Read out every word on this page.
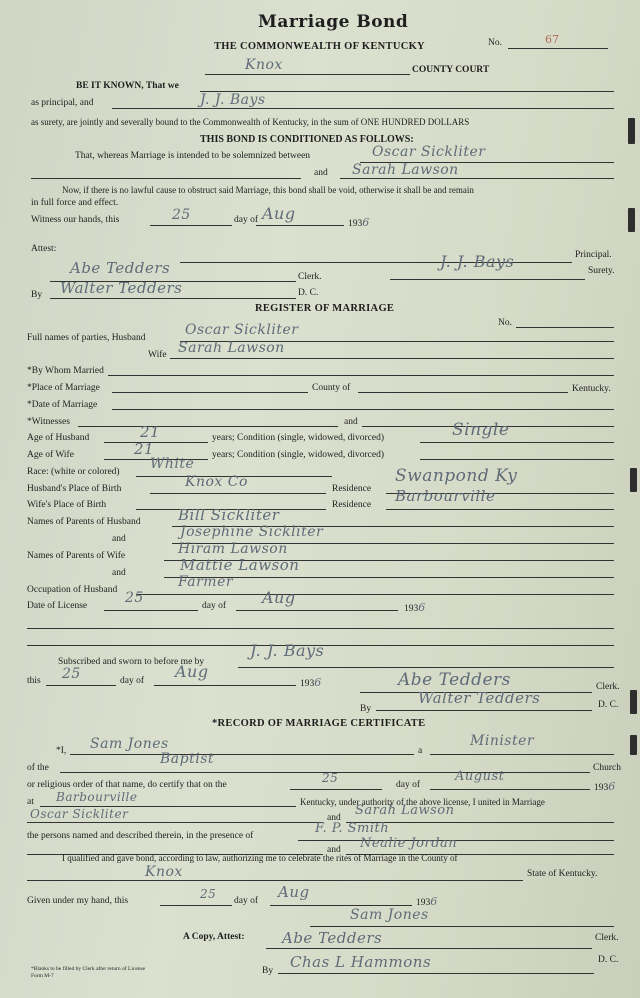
Marriage Bond
THE COMMONWEALTH OF KENTUCKY	No.	67
Knox	COUNTY COURT
BE IT KNOWN, That we
as principal, and	J. J. Bays
as surety, are jointly and severally bound to the Commonwealth of Kentucky, in the sum of ONE HUNDRED DOLLARS
THIS BOND IS CONDITIONED AS FOLLOWS:
That, whereas Marriage is intended to be solemnized between	Oscar Sickliter
and Sarah Lawson
Now, if there is no lawful cause to obstruct said Marriage, this bond shall be void, otherwise it shall be and remain
in full force and effect.
Witness our hands, this	25	day of Aug
1936
Attest:
Principal.
Abe Tedders	Clerk.
J. J. Bays	Surety.
By Walter Tedders	D. C.
REGISTER OF MARRIAGE
No.
Full names of parties, Husband	Oscar Sickliter
Wife Sarah Lawson
*By Whom Married
*Place of Marriage	County of	Kentucky.
*Date of Marriage
*Witnesses	and
Age of Husband	21	years; Condition (single, widowed, divorced)	Single
Age of Wife	21	years; Condition (single, widowed, divorced)
Race: (white or colored) White
Husband's Place of Birth	Knox Co	Residence
Swanpond Ky
Wife's Place of Birth	Residence Barbourville
Names of Parents of Husband	Bill Sickliter
and	Josephine Sickliter
Names of Parents of Wife	Hiram Lawson
and	Mattie Lawson
Occupation of Husband	Farmer
Date of License	25	day of Aug
1936
Subscribed and sworn to before me by
J. J. Bays
this 25	day of Aug
1936	Abe Tedders	Clerk.
By
Walter Tedders	D. C.
*RECORD OF MARRIAGE CERTIFICATE
*I, Sam Jones	a
Minister
of the
Baptist
Church
or religious order of that name, do certify that on the	25	day of
August
1936
at Barbourville	Kentucky, under authority of the above license, I united in Marriage
Oscar Sickliter	and Sarah Lawson
the persons named and described therein, in the presence of	F. P. Smith
and Nealie Jordan
I qualified and gave bond, according to law, authorizing me to celebrate the rites of Marriage in the County of
Knox	State of Kentucky.
Given under my hand, this	25 day of Aug
1936
Sam Jones
A Copy, Attest:	Abe Tedders	Clerk.
By Chas L Hammons	D. C.
*Blanks to be filled by Clerk after return of License
Form M-7
